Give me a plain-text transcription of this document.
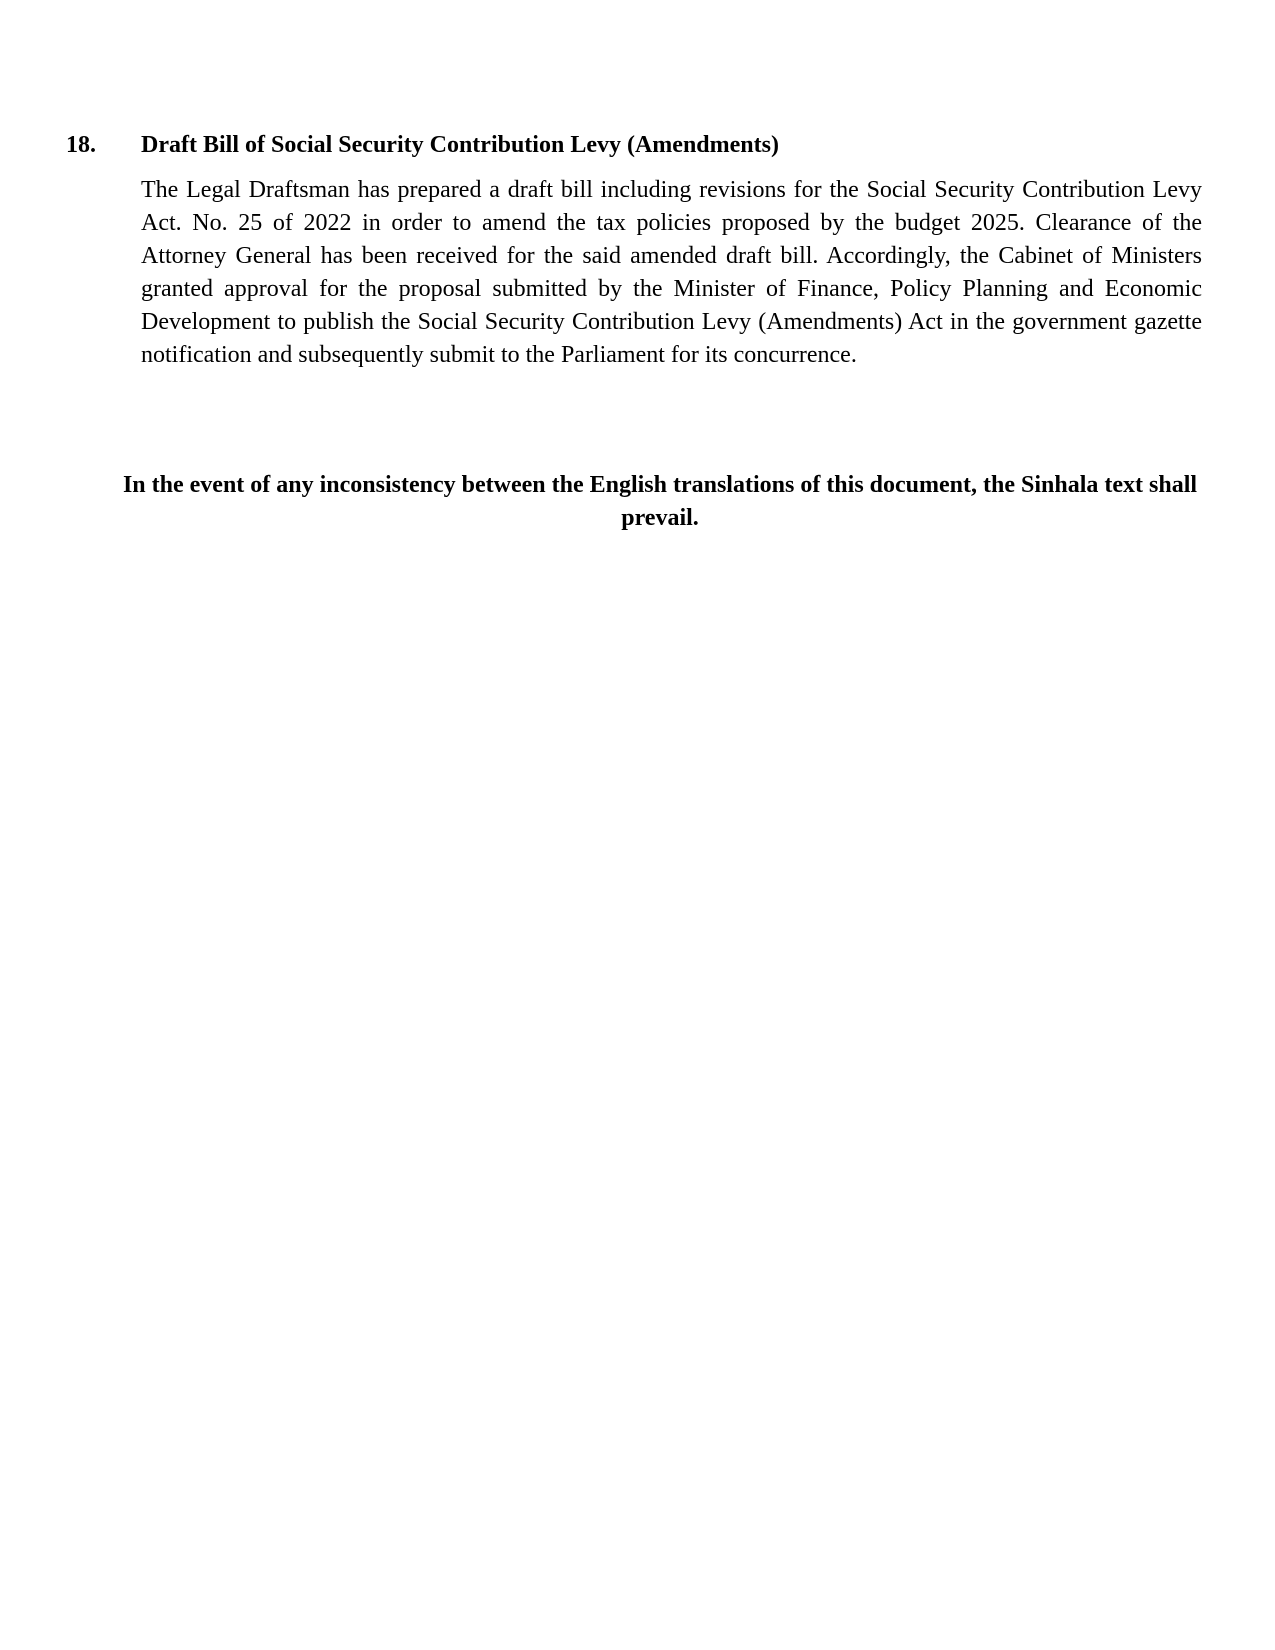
18.	Draft Bill of Social Security Contribution Levy (Amendments)

The Legal Draftsman has prepared a draft bill including revisions for the Social Security Contribution Levy Act. No. 25 of 2022 in order to amend the tax policies proposed by the budget 2025. Clearance of the Attorney General has been received for the said amended draft bill. Accordingly, the Cabinet of Ministers granted approval for the proposal submitted by the Minister of Finance, Policy Planning and Economic Development to publish the Social Security Contribution Levy (Amendments) Act in the government gazette notification and subsequently submit to the Parliament for its concurrence.

In the event of any inconsistency between the English translations of this document, the Sinhala text shall prevail.
